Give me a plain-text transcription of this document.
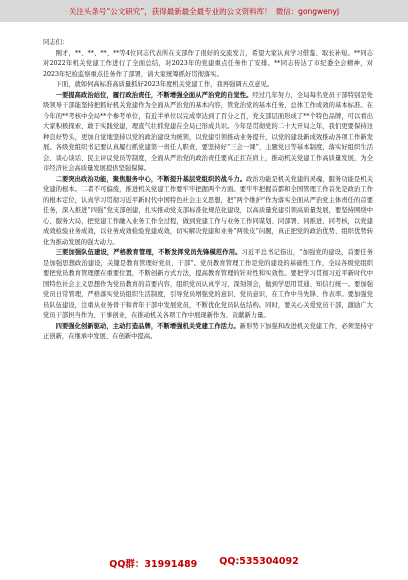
关注头条号“公文研究”，获得最新最全最专业的公文资料库！ 微信：gongwenyj

同志们：

刚才，**、**、**、**等4位同志代表所在支部作了很好的交流发言，希望大家认真学习借鉴、取长补短。**同志对2022年机关党建工作进行了全面总结，对2023年的党建重点任务作了安排。**同志传达了市纪委全会精神，对2023年纪检监察重点任务作了部署，请大家统筹抓好贯彻落实。

下面，就如何高标准高质量抓好2023年度机关党建工作，我再强调五点意见。

一要提高政治站位，履行政治责任，不断增强全面从严治党的自觉性。经过几年努力，全局每名党员干部特别是处级领导干部能坚持把抓好机关党建作为全面从严治党的基本内容，管党治党的基本任务、总体工作成效的基本标准。在今年的**考核中全局**个参考单位，有近半单位以完成率达到了百分之百，党支部层面形成了**个特色品牌，可以看出大家积极探索、敢于实践党建，理直气壮抓党建在全局已形成共识。今年是贯彻党的二十大开局之年，我们更要保持这种良好势头，更加自觉地坚持以党的政治建设为统领，以党建引领推动业务提升，以党的建设新成效推动各项工作新发展。各级党组织书记要认真履行抓党建第一责任人职责，要坚持好“三会一课”、主题党日等基本制度，落实好组织生活会、谈心谈话、民主评议党员等制度，全面从严治党的政治责任要真正扛在肩上，推动机关党建工作高质量发展，为全市经济社会高质量发展提供坚强保障。

二要突出政治功能，聚焦服务中心，不断提升基层党组织的战斗力。政治功能是机关党建的灵魂，服务功能是机关党建的根本。二者不可偏废，推进机关党建工作要牢牢把握两个方面。要牢牢把握首都和全国管理工作首先是政治工作的根本定位，认真学习贯彻习近平新时代中国特色社会主义思想，把“两个维护”作为落实全面从严治党主体责任的首要任务，深入推进“四强”党支部创建，扎实推动党支部标准化规范化建设，以高质量党建引领高质量发展，要坚持围绕中心、服务大局，把党建工作融入业务工作全过程，做到党建工作与业务工作同谋划、同部署、同推进、同考核，以党建成效检验业务成效，以业务成效检验党建成效，切实解决党建和业务“两张皮”问题，真正把党的政治优势、组织优势转化为推动发展的强大动力。

三要加强队伍建设，严格教育管理，不断发挥党员先锋模范作用。习近平总书记指出，“加强党的建设，首要任务是加强思想政治建设，关键是教育管理好党员、干部”。党员教育管理工作是党的建设的基础性工作，全局各级党组织要把党员教育管理摆在重要位置，不断创新方式方法，提高教育管理的针对性和实效性。要把学习贯彻习近平新时代中国特色社会主义思想作为党员教育的首要内容，组织党员认真学习、深刻领会，做到学思用贯通、知信行统一。要加强党员日常管理，严格落实党员组织生活制度，引导党员增强党的意识、党员意识，在工作中当先锋、作表率。要加强党员队伍建设，注重从业务骨干和青年干部中发展党员，不断优化党员队伍结构。同时，要关心关爱党员干部，激励广大党员干部担当作为、干事创业，在推动机关各项工作中展现新作为、贡献新力量。

四要强化创新驱动，主动打造品牌，不断增强机关党建工作活力。新形势下加强和改进机关党建工作，必须坚持守正创新，在继承中发展、在创新中提高。

QQ群：31991489 QQ:535304092
